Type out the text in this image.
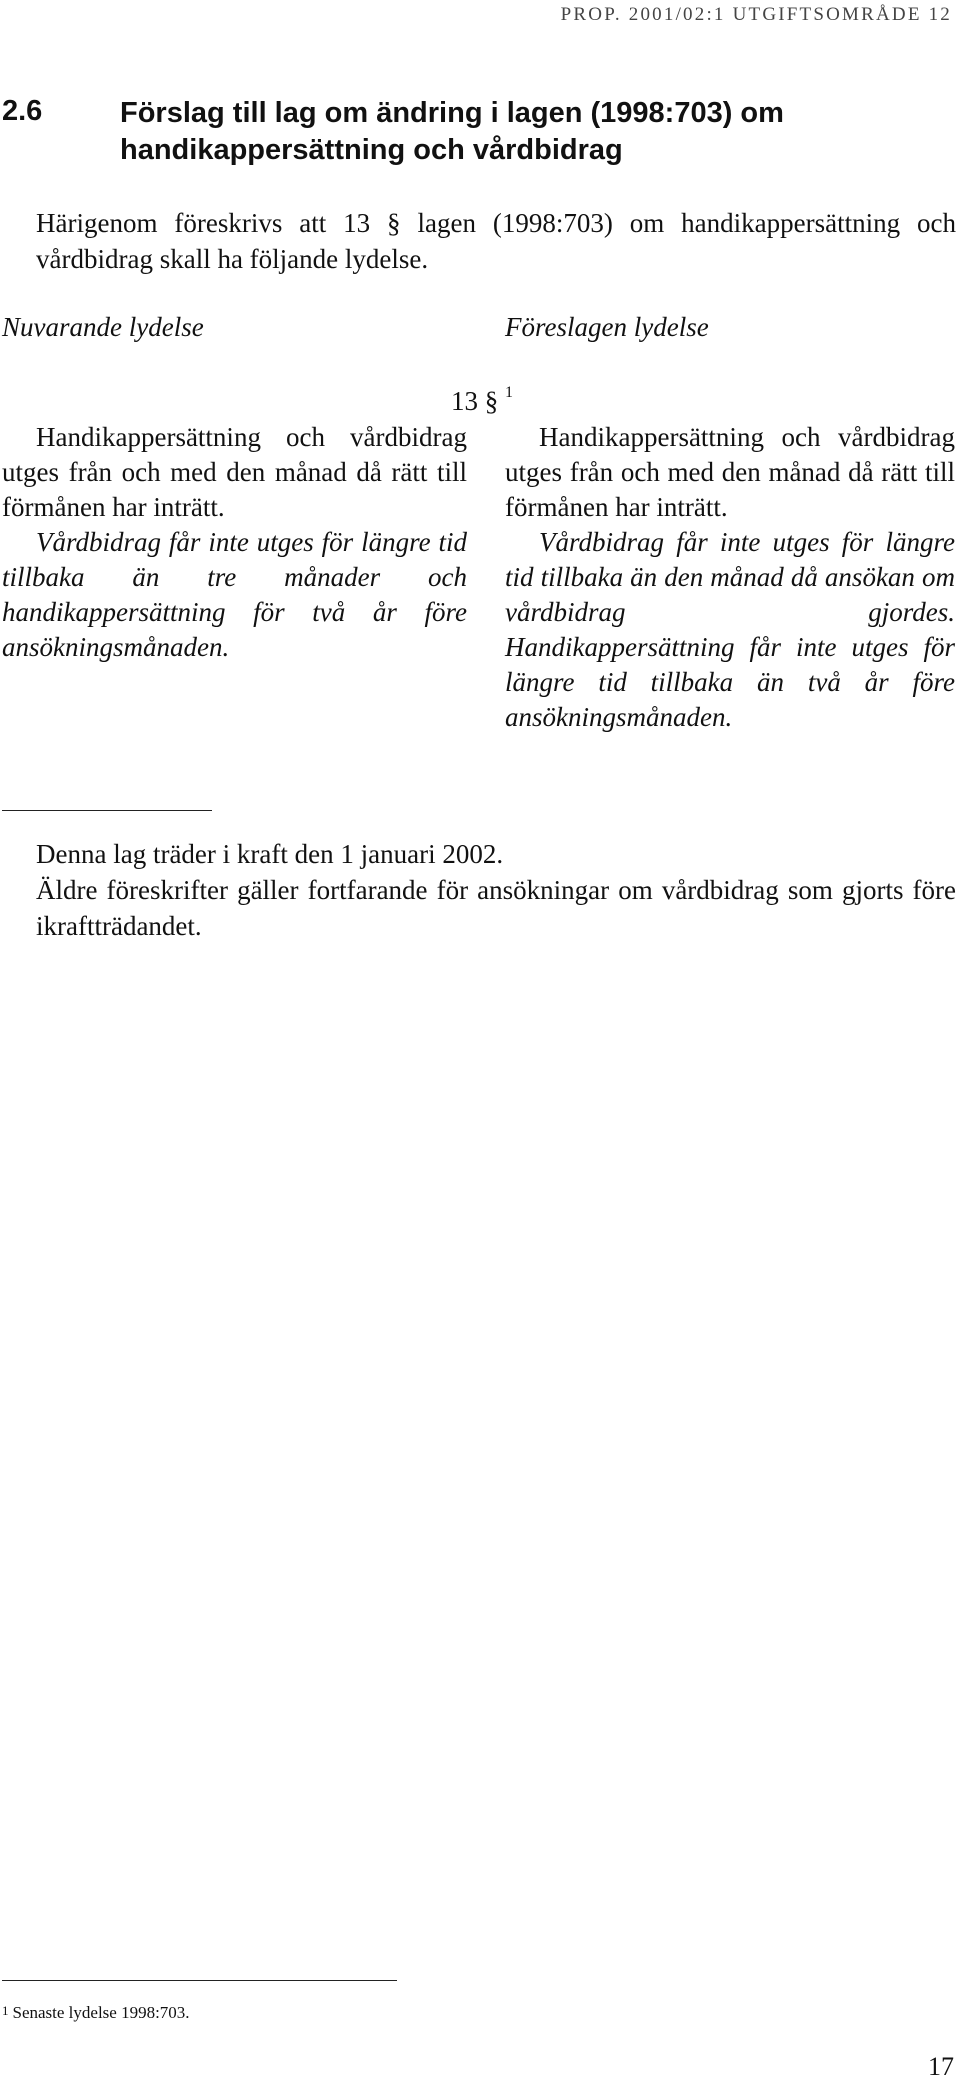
PROP. 2001/02:1 UTGIFTSOMRÅDE 12
2.6	Förslag till lag om ändring i lagen (1998:703) om handikappersättning och vårdbidrag
Härigenom föreskrivs att 13 § lagen (1998:703) om handikappersättning och vårdbidrag skall ha följande lydelse.
Nuvarande lydelse	Föreslagen lydelse
13 § $^1$

Handikappersättning och vårdbidrag utges från och med den månad då rätt till förmånen har inträtt.

Vårdbidrag får inte utges för längre tid tillbaka än tre månader och handikappersättning för två år före ansökningsmånaden.

Handikappersättning och vårdbidrag utges från och med den månad då rätt till förmånen har inträtt.

Vårdbidrag får inte utges för längre tid tillbaka än den månad då ansökan om vårdbidrag gjordes. Handikappersättning får inte utges för längre tid tillbaka än två år före ansökningsmånaden.

Denna lag träder i kraft den 1 januari 2002.

Äldre föreskrifter gäller fortfarande för ansökningar om vårdbidrag som gjorts före ikraftträdandet.

$^1$ Senaste lydelse 1998:703.
17
